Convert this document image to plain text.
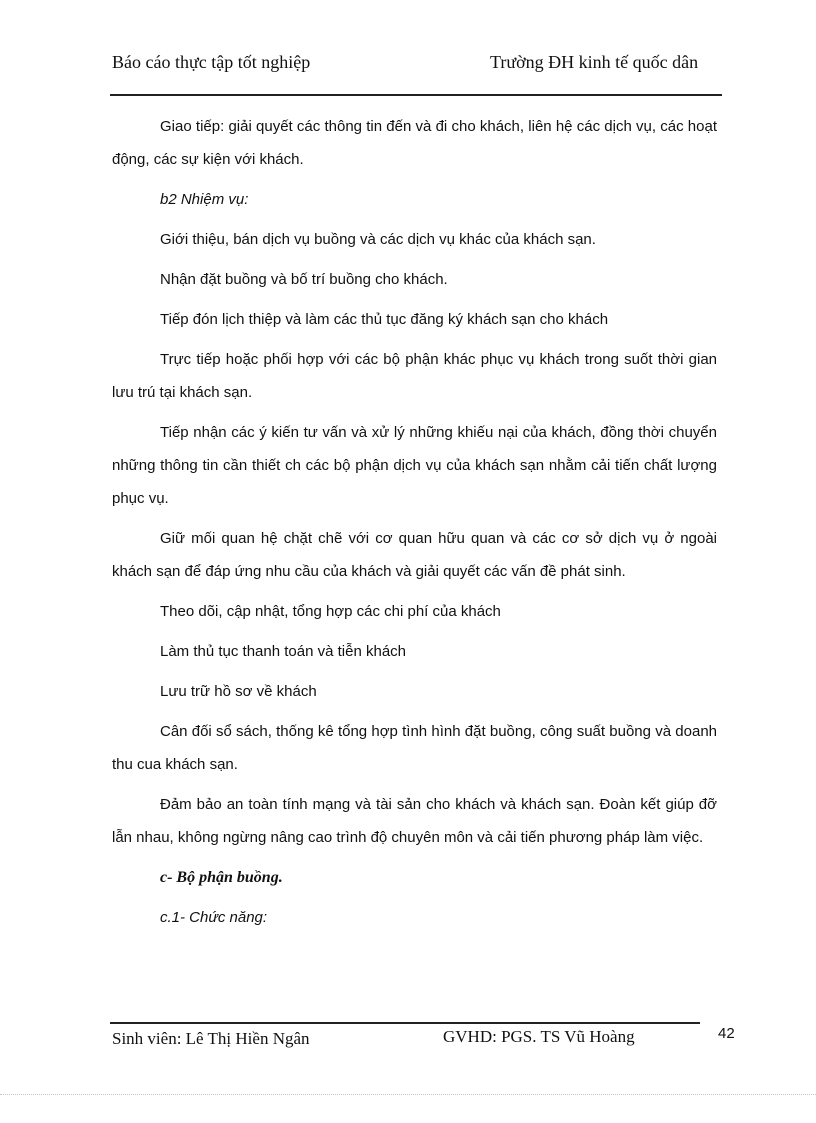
Báo cáo thực tập tốt nghiệp	Trường ĐH kinh tế quốc dân

Giao tiếp: giải quyết các thông tin đến và đi cho khách, liên hệ các dịch vụ, các hoạt động, các sự kiện với khách.

b2 Nhiệm vụ:

Giới thiệu, bán dịch vụ buồng và các dịch vụ khác của khách sạn.

Nhận đặt buồng và bố trí buồng cho khách.

Tiếp đón lịch thiệp và làm các thủ tục đăng ký khách sạn cho khách

Trực tiếp hoặc phối hợp với các bộ phận khác phục vụ khách trong suốt thời gian lưu trú tại khách sạn.

Tiếp nhận các ý kiến tư vấn và xử lý những khiếu nại của khách, đồng thời chuyển những thông tin cần thiết ch các bộ phận dịch vụ của khách sạn nhằm cải tiến chất lượng phục vụ.

Giữ mối quan hệ chặt chẽ với cơ quan hữu quan và các cơ sở dịch vụ ở ngoài khách sạn để đáp ứng nhu cầu của khách và giải quyết các vấn đề phát sinh.

Theo dõi, cập nhật, tổng hợp các chi phí của khách

Làm thủ tục thanh toán và tiễn khách

Lưu trữ hồ sơ về khách

Cân đối sổ sách, thống kê tổng hợp tình hình đặt buồng, công suất buồng và doanh thu cua khách sạn.

Đảm bảo an toàn tính mạng và tài sản cho khách và khách sạn. Đoàn kết giúp đỡ lẫn nhau, không ngừng nâng cao trình độ chuyên môn và cải tiến phương pháp làm việc.

c- Bộ phận buồng.

c.1- Chức năng:

Sinh viên: Lê Thị Hiền Ngân	GVHD: PGS. TS Vũ Hoàng	42
